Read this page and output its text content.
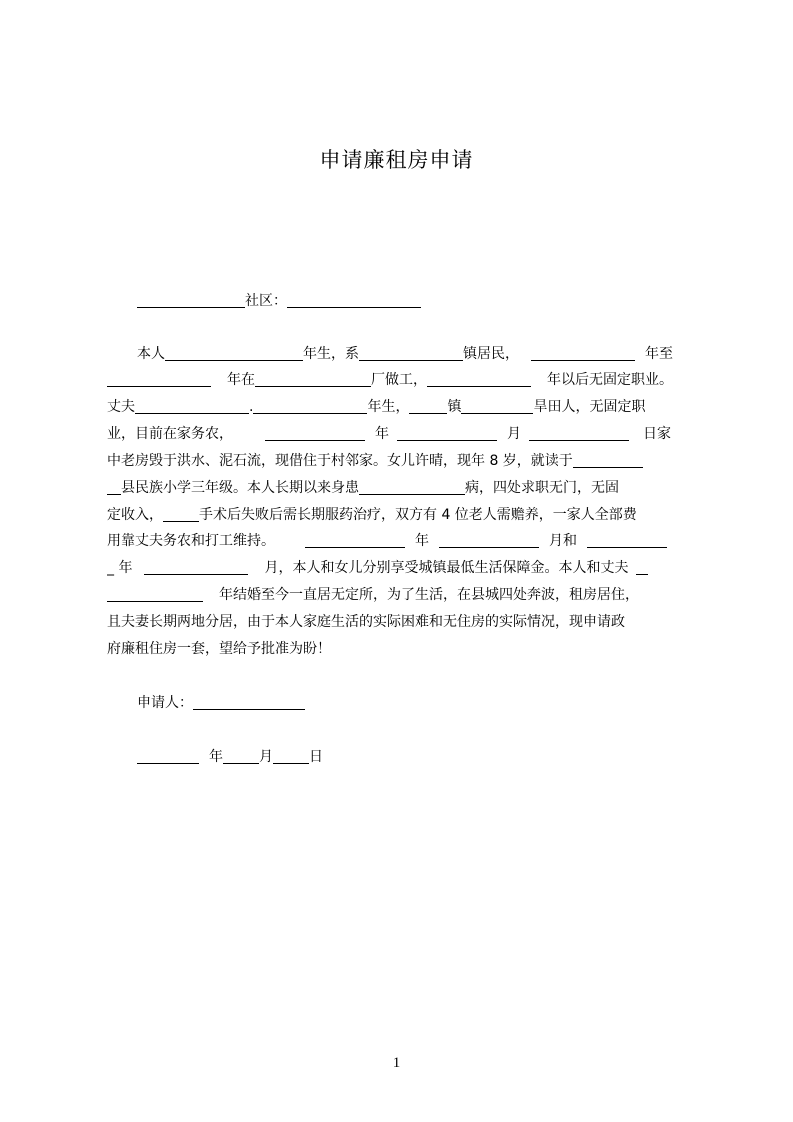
申请廉租房申请
社区：
本人	年生，系	镇居民，	年至
年在	厂做工，	年以后无固定职业。
丈夫	.	年生，	镇	旱田人，无固定职
业，目前在家务农，	年	月	日家
中老房毁于洪水、泥石流，现借住于村邻家。女儿许晴，现年 8 岁，就读于
县民族小学三年级。本人长期以来身患	病，四处求职无门，无固
定收入，	手术后失败后需长期服药治疗，双方有 4 位老人需赡养，一家人全部费
用靠丈夫务农和打工维持。	年	月和
_ 年	月，本人和女儿分别享受城镇最低生活保障金。本人和丈夫
年结婚至今一直居无定所，为了生活，在县城四处奔波，租房居住，
且夫妻长期两地分居，由于本人家庭生活的实际困难和无住房的实际情况，现申请政
府廉租住房一套，望给予批准为盼！
申请人：
年	月	日
1
